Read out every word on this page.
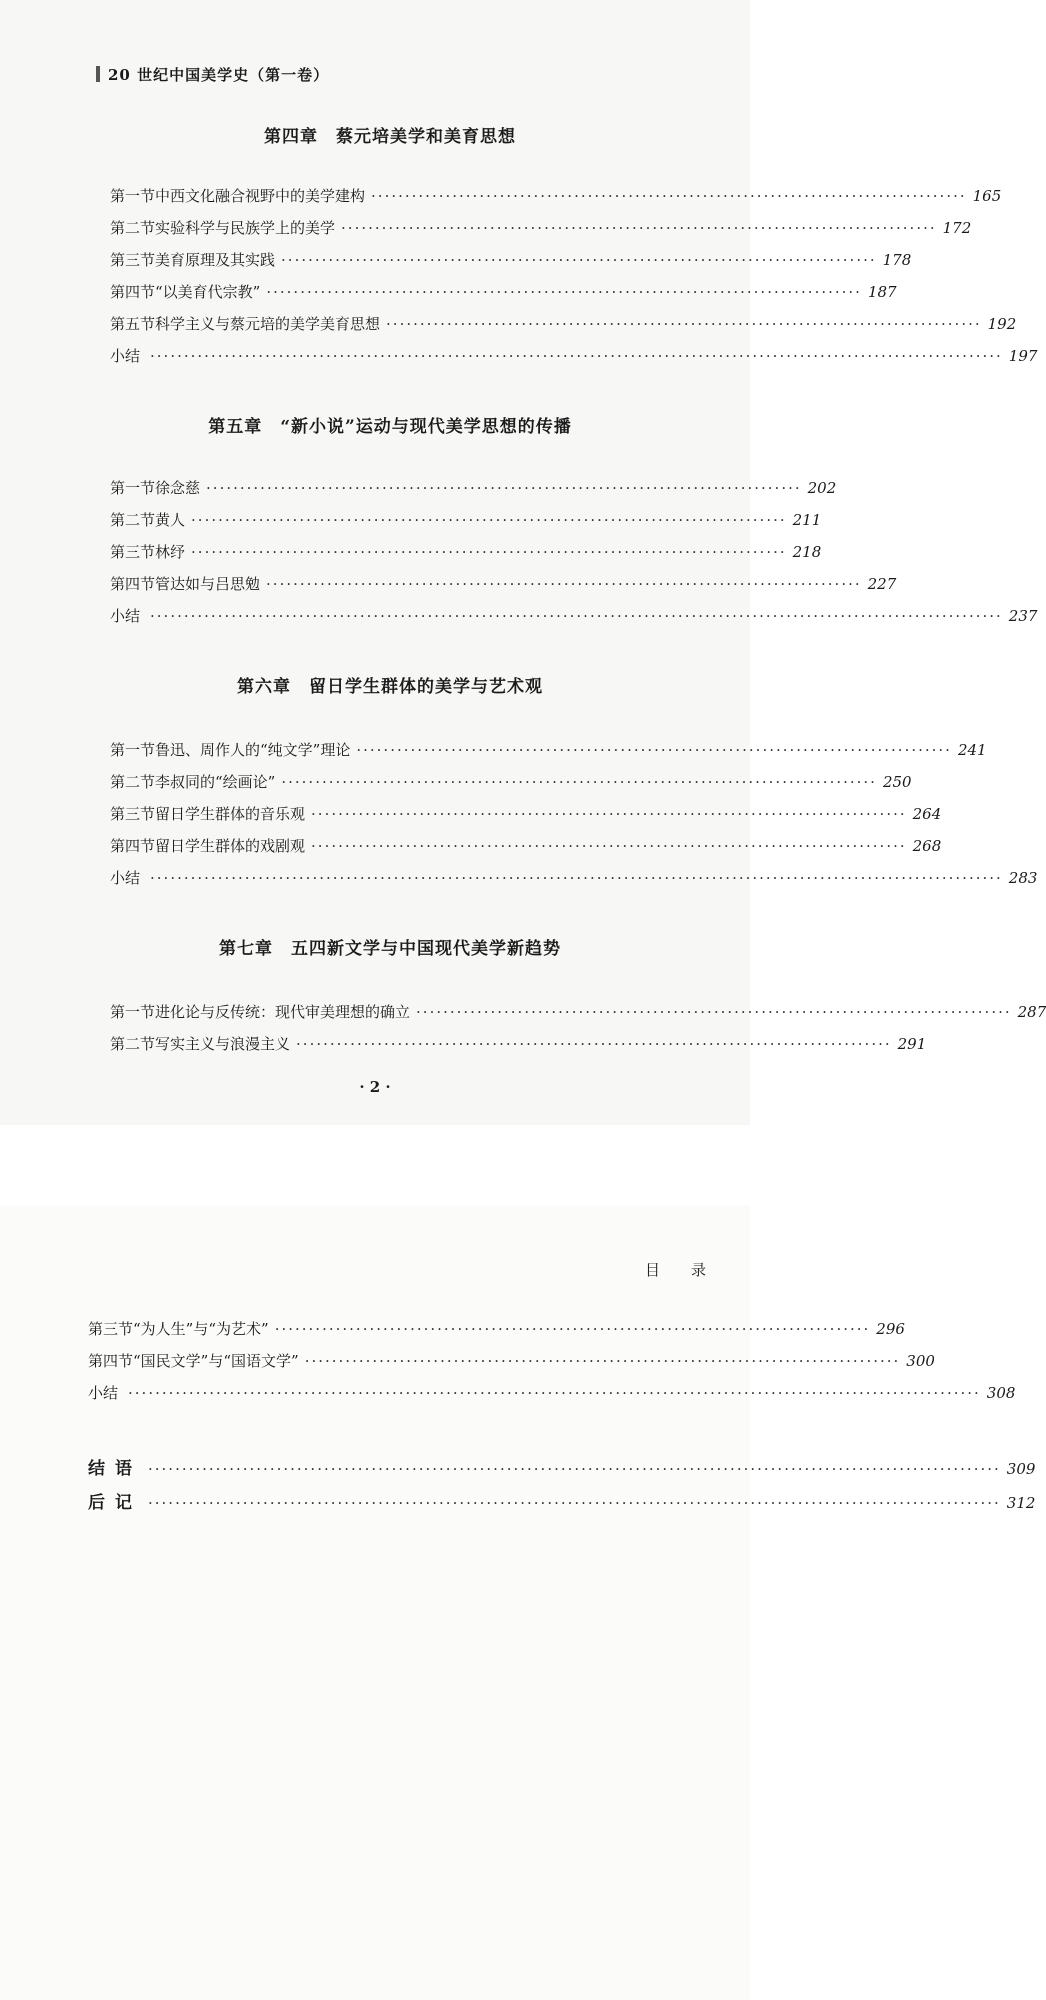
20 世纪中国美学史（第一卷）
第四章　蔡元培美学和美育思想
第一节 中西文化融合视野中的美学建构 ························································································ 165
第二节 实验科学与民族学上的美学 ························································································ 172
第三节 美育原理及其实践 ························································································ 178
第四节 “以美育代宗教” ························································································ 187
第五节 科学主义与蔡元培的美学美育思想 ························································································ 192
小结 ······························································································································ 197
第五章　“新小说”运动与现代美学思想的传播
第一节 徐念慈 ························································································ 202
第二节 黄人 ························································································ 211
第三节 林纾 ························································································ 218
第四节 管达如与吕思勉 ························································································ 227
小结 ······························································································································ 237
第六章　留日学生群体的美学与艺术观
第一节 鲁迅、周作人的“纯文学”理论 ························································································ 241
第二节 李叔同的“绘画论” ························································································ 250
第三节 留日学生群体的音乐观 ························································································ 264
第四节 留日学生群体的戏剧观 ························································································ 268
小结 ······························································································································ 283
第七章　五四新文学与中国现代美学新趋势
第一节 进化论与反传统：现代审美理想的确立 ························································································ 287
第二节 写实主义与浪漫主义 ························································································ 291
· 2 ·
目　录
第三节 “为人生”与“为艺术” ························································································ 296
第四节 “国民文学”与“国语文学” ························································································ 300
小结 ······························································································································ 308
结语 ······························································································································ 309
后记 ······························································································································ 312
